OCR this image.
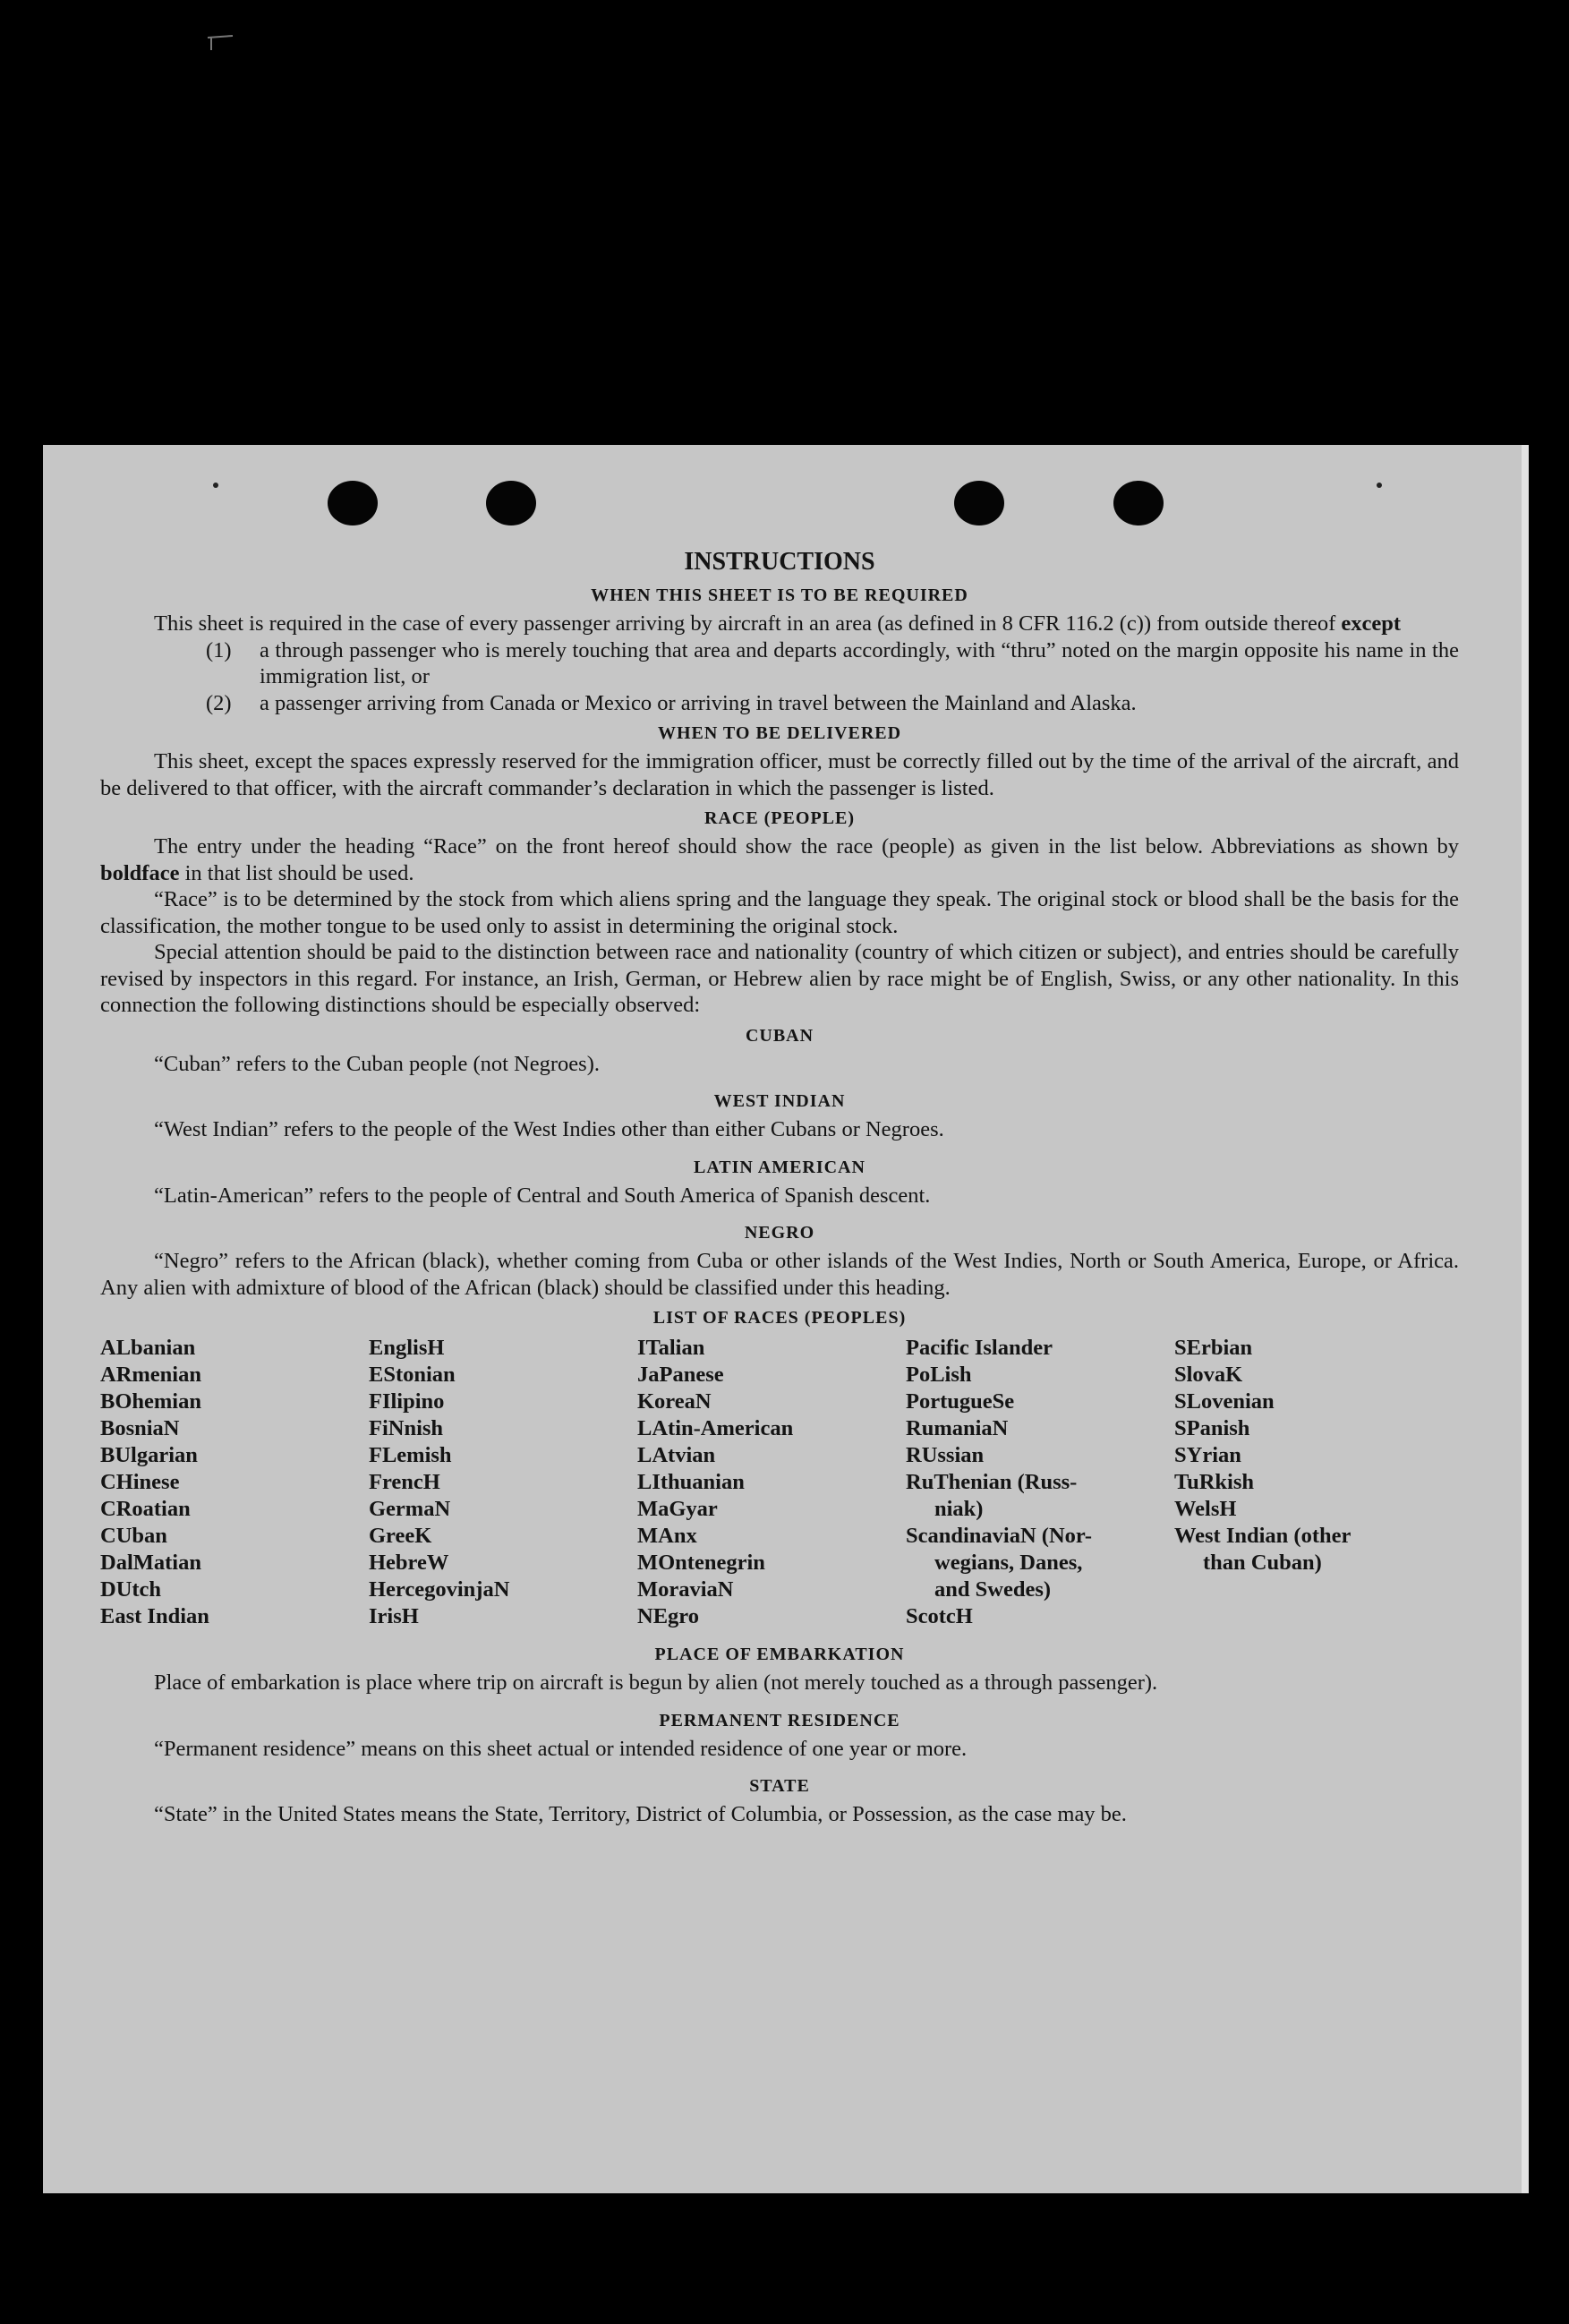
INSTRUCTIONS
WHEN THIS SHEET IS TO BE REQUIRED
This sheet is required in the case of every passenger arriving by aircraft in an area (as defined in 8 CFR 116.2 (c)) from outside thereof except
(1)	a through passenger who is merely touching that area and departs accordingly, with “thru” noted on the margin opposite his name in the immigration list, or
(2)	a passenger arriving from Canada or Mexico or arriving in travel between the Mainland and Alaska.
WHEN TO BE DELIVERED
This sheet, except the spaces expressly reserved for the immigration officer, must be correctly filled out by the time of the arrival of the aircraft, and be delivered to that officer, with the aircraft commander’s declaration in which the passenger is listed.
RACE (PEOPLE)
The entry under the heading “Race” on the front hereof should show the race (people) as given in the list below. Abbreviations as shown by boldface in that list should be used.
“Race” is to be determined by the stock from which aliens spring and the language they speak. The original stock or blood shall be the basis for the classification, the mother tongue to be used only to assist in determining the original stock.
Special attention should be paid to the distinction between race and nationality (country of which citizen or subject), and entries should be carefully revised by inspectors in this regard. For instance, an Irish, German, or Hebrew alien by race might be of English, Swiss, or any other nationality. In this connection the following distinctions should be especially observed:
CUBAN
“Cuban” refers to the Cuban people (not Negroes).
WEST INDIAN
“West Indian” refers to the people of the West Indies other than either Cubans or Negroes.
LATIN AMERICAN
“Latin-American” refers to the people of Central and South America of Spanish descent.
NEGRO
“Negro” refers to the African (black), whether coming from Cuba or other islands of the West Indies, North or South America, Europe, or Africa. Any alien with admixture of blood of the African (black) should be classified under this heading.
LIST OF RACES (PEOPLES)
ALbanian
ARmenian
BOhemian
BosniaN
BUlgarian
CHinese
CRoatian
CUban
DalMatian
DUtch
East Indian
EnglisH
EStonian
FIlipino
FiNnish
FLemish
FrencH
GermaN
GreeK
HebreW
HercegovinjaN
IrisH
ITalian
JaPanese
KoreaN
LAtin-American
LAtvian
LIthuanian
MaGyar
MAnx
MOntenegrin
MoraviaN
NEgro
Pacific Islander
PoLish
PortugueSe
RumaniaN
RUssian
RuThenian (Russ-
niak)
ScandinaviaN (Nor-
wegians, Danes,
and Swedes)
ScotcH
SErbian
SlovaK
SLovenian
SPanish
SYrian
TuRkish
WelsH
West Indian (other
than Cuban)
PLACE OF EMBARKATION
Place of embarkation is place where trip on aircraft is begun by alien (not merely touched as a through passenger).
PERMANENT RESIDENCE
“Permanent residence” means on this sheet actual or intended residence of one year or more.
STATE
“State” in the United States means the State, Territory, District of Columbia, or Possession, as the case may be.
